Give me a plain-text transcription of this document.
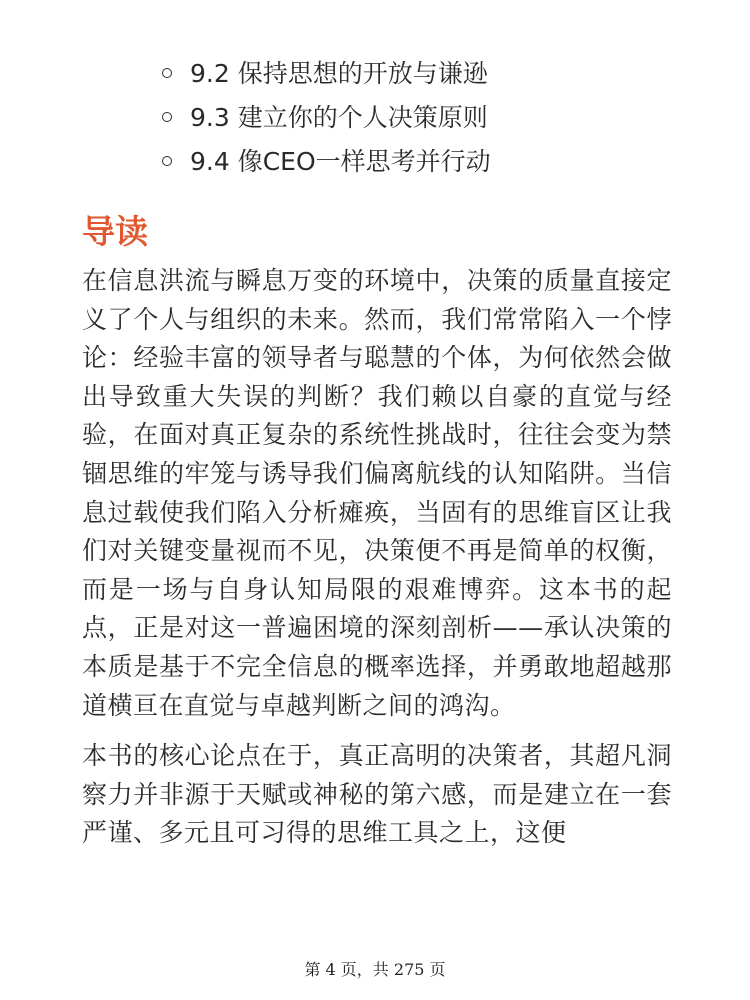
9.2 保持思想的开放与谦逊
9.3 建立你的个人决策原则
9.4 像CEO一样思考并行动
导读

在信息洪流与瞬息万变的环境中，决策的质量直接定义了个人与组织的未来。然而，我们常常陷入一个悖论：经验丰富的领导者与聪慧的个体，为何依然会做出导致重大失误的判断？我们赖以自豪的直觉与经验，在面对真正复杂的系统性挑战时，往往会变为禁锢思维的牢笼与诱导我们偏离航线的认知陷阱。当信息过载使我们陷入分析瘫痪，当固有的思维盲区让我们对关键变量视而不见，决策便不再是简单的权衡，而是一场与自身认知局限的艰难博弈。这本书的起点，正是对这一普遍困境的深刻剖析——承认决策的本质是基于不完全信息的概率选择，并勇敢地超越那道横亘在直觉与卓越判断之间的鸿沟。

本书的核心论点在于，真正高明的决策者，其超凡洞察力并非源于天赋或神秘的第六感，而是建立在一套严谨、多元且可习得的思维工具之上，这便

第 4 页，共 275 页
